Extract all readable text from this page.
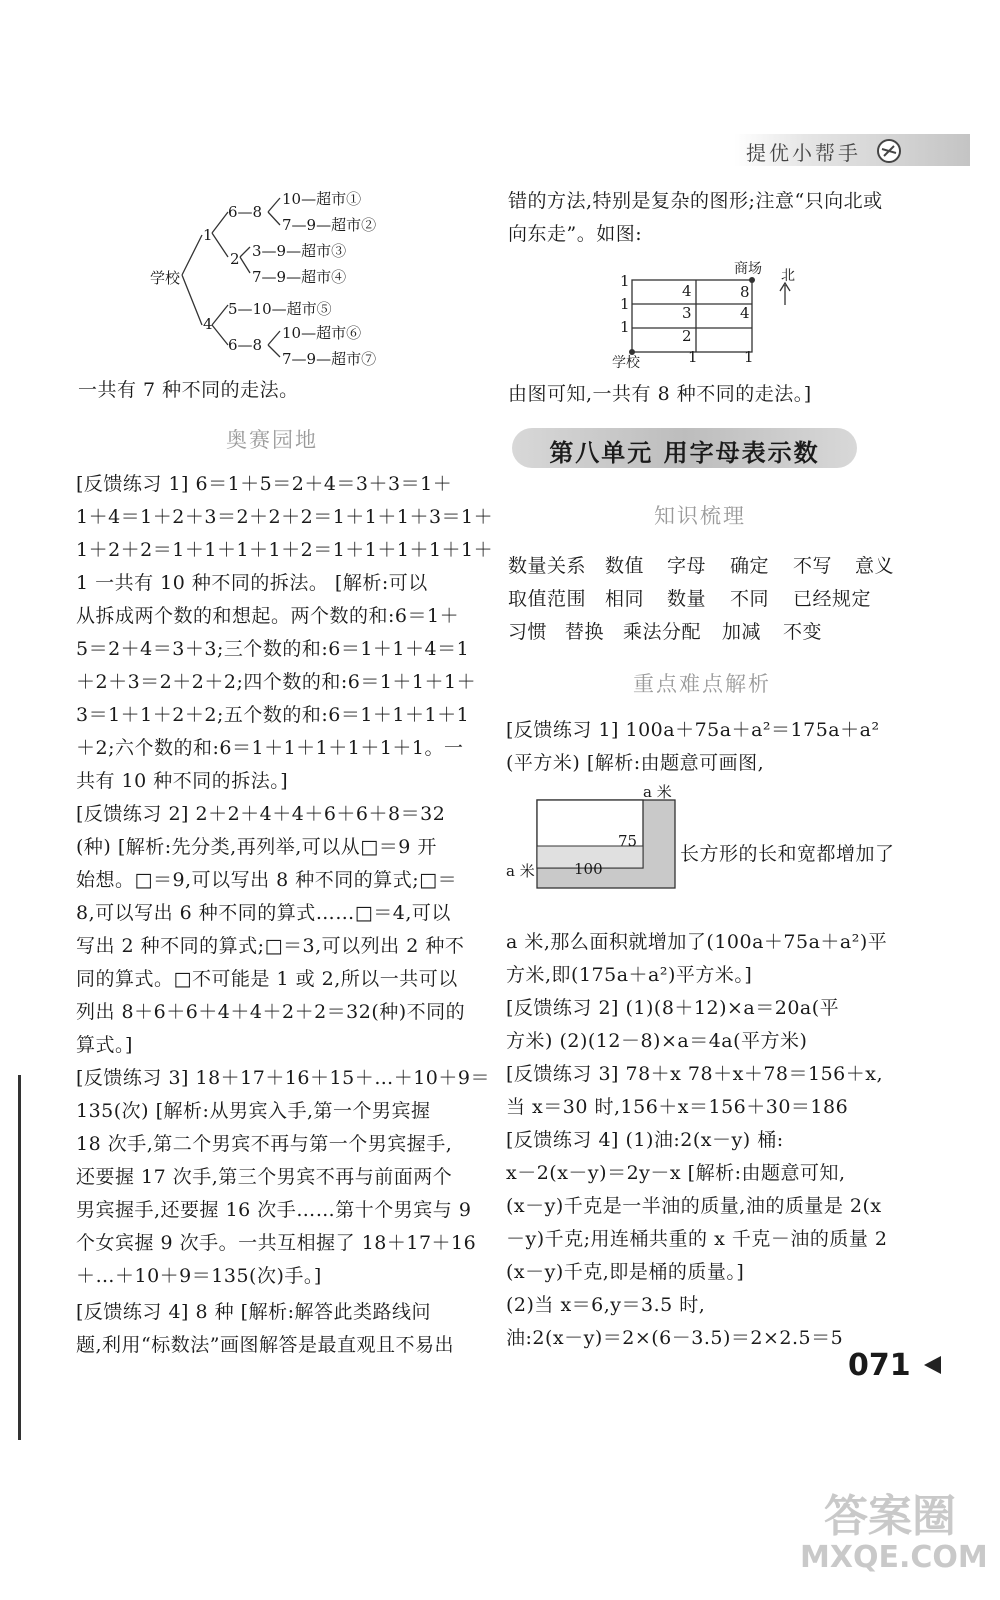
提优小帮手
学校
1
4
6—8
2
5—10—超市⑤
6—8
10—超市①
7—9—超市②
3—9—超市③
7—9—超市④
10—超市⑥
7—9—超市⑦
一共有 7 种不同的走法。
奥赛园地
[反馈练习 1] 6＝1＋5＝2＋4＝3＋3＝1＋
1＋4＝1＋2＋3＝2＋2＋2＝1＋1＋1＋3＝1＋
1＋2＋2＝1＋1＋1＋1＋2＝1＋1＋1＋1＋1＋
1 一共有 10 种不同的拆法。 [解析:可以
从拆成两个数的和想起。两个数的和:6＝1＋
5＝2＋4＝3＋3;三个数的和:6＝1＋1＋4＝1
＋2＋3＝2＋2＋2;四个数的和:6＝1＋1＋1＋
3＝1＋1＋2＋2;五个数的和:6＝1＋1＋1＋1
＋2;六个数的和:6＝1＋1＋1＋1＋1＋1。一
共有 10 种不同的拆法。]
[反馈练习 2] 2＋2＋4＋4＋6＋6＋8＝32
(种) [解析:先分类,再列举,可以从□＝9 开
始想。□＝9,可以写出 8 种不同的算式;□＝
8,可以写出 6 种不同的算式……□＝4,可以
写出 2 种不同的算式;□＝3,可以列出 2 种不
同的算式。□不可能是 1 或 2,所以一共可以
列出 8＋6＋6＋4＋4＋2＋2＝32(种)不同的
算式。]
[反馈练习 3] 18＋17＋16＋15＋…＋10＋9＝
135(次) [解析:从男宾入手,第一个男宾握
18 次手,第二个男宾不再与第一个男宾握手,
还要握 17 次手,第三个男宾不再与前面两个
男宾握手,还要握 16 次手……第十个男宾与 9
个女宾握 9 次手。一共互相握了 18＋17＋16
＋…＋10＋9＝135(次)手。]
[反馈练习 4] 8 种 [解析:解答此类路线问
题,利用“标数法”画图解答是最直观且不易出
错的方法,特别是复杂的图形;注意“只向北或
向东走”。如图:
商场 北
学校
1
1
1
1	1
4	8
3	4
2
由图可知,一共有 8 种不同的走法。]
第八单元 用字母表示数
知识梳理
数量关系 数值 字母 确定 不写 意义
取值范围 相同 数量 不同 已经规定
习惯 替换 乘法分配 加减 不变
重点难点解析
[反馈练习 1] 100a＋75a＋a²＝175a＋a²
(平方米) [解析:由题意可画图,
a 米
75
100
a 米
长方形的长和宽都增加了
a 米,那么面积就增加了(100a＋75a＋a²)平
方米,即(175a＋a²)平方米。]
[反馈练习 2] (1)(8＋12)×a＝20a(平
方米) (2)(12－8)×a＝4a(平方米)
[反馈练习 3] 78＋x 78＋x＋78＝156＋x,
当 x＝30 时,156＋x＝156＋30＝186
[反馈练习 4] (1)油:2(x－y) 桶:
x－2(x－y)＝2y－x [解析:由题意可知,
(x－y)千克是一半油的质量,油的质量是 2(x
－y)千克;用连桶共重的 x 千克－油的质量 2
(x－y)千克,即是桶的质量。]
(2)当 x＝6,y＝3.5 时,
油:2(x－y)＝2×(6－3.5)＝2×2.5＝5
071
答案圈
MXQE.COM
